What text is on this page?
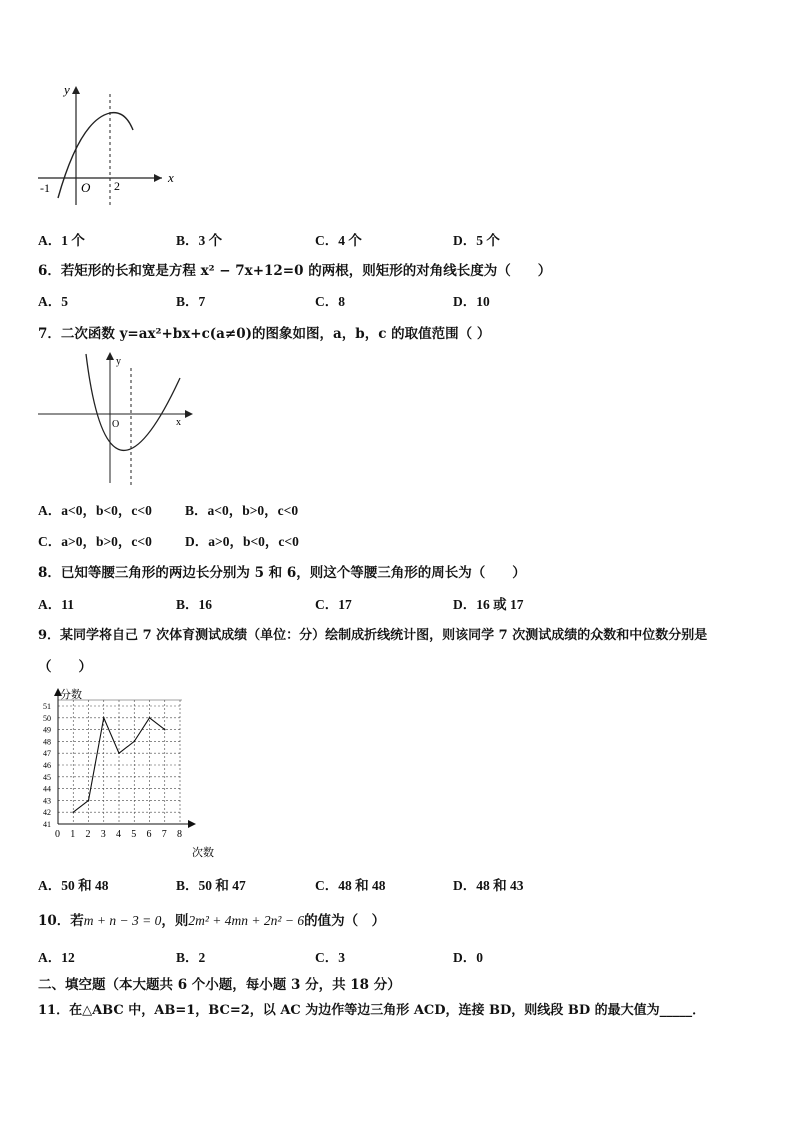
y
x
O
-1	2
A．1 个	B．3 个	C．4 个	D．5 个
6．若矩形的长和宽是方程 x² − 7x+12=0 的两根，则矩形的对角线长度为（　　）
A．5	B．7	C．8	D．10
7．二次函数 y=ax²+bx+c(a≠0)的图象如图，a，b，c 的取值范围（ ）
y
x
O
A．a<0，b<0，c<0 B．a<0，b>0，c<0
C．a>0，b>0，c<0 D．a>0，b<0，c<0
8．已知等腰三角形的两边长分别为 5 和 6，则这个等腰三角形的周长为（　　）
A．11	B．16	C．17	D．16 或 17
9．某同学将自己 7 次体育测试成绩（单位：分）绘制成折线统计图，则该同学 7 次测试成绩的众数和中位数分别是
（　　）
0 1 2 3 4 5 6 7 8
41
42
43
44
45
46
47
48
49
50
51
分数
次数
A．50 和 48	B．50 和 47	C．48 和 48	D．48 和 43
10．若m + n − 3 = 0，则2m² + 4mn + 2n² − 6的值为（　）
A．12	B．2	C．3	D．0
二、填空题（本大题共 6 个小题，每小题 3 分，共 18 分）
11．在△ABC 中，AB=1，BC=2，以 AC 为边作等边三角形 ACD，连接 BD，则线段 BD 的最大值为_____．
